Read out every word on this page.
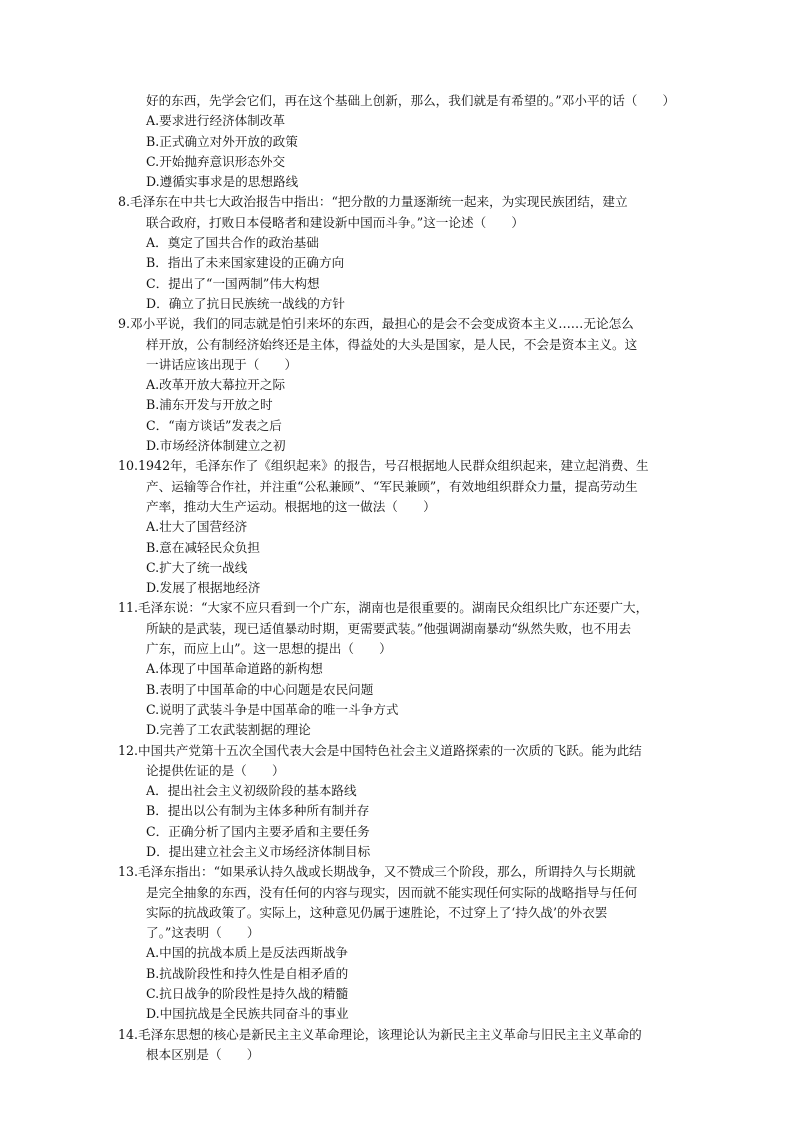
好的东西，先学会它们，再在这个基础上创新，那么，我们就是有希望的。”邓小平的话（　　）
A.要求进行经济体制改革
B.正式确立对外开放的政策
C.开始抛弃意识形态外交
D.遵循实事求是的思想路线
8.毛泽东在中共七大政治报告中指出：“把分散的力量逐渐统一起来，为实现民族团结，建立
联合政府，打败日本侵略者和建设新中国而斗争。”这一论述（　　）
A．奠定了国共合作的政治基础
B．指出了未来国家建设的正确方向
C．提出了“一国两制”伟大构想
D．确立了抗日民族统一战线的方针
9.邓小平说，我们的同志就是怕引来坏的东西，最担心的是会不会变成资本主义……无论怎么
样开放，公有制经济始终还是主体，得益处的大头是国家，是人民，不会是资本主义。这
一讲话应该出现于（　　）
A.改革开放大幕拉开之际
B.浦东开发与开放之时
C．“南方谈话”发表之后
D.市场经济体制建立之初
10.1942年，毛泽东作了《组织起来》的报告，号召根据地人民群众组织起来，建立起消费、生
产、运输等合作社，并注重“公私兼顾”、“军民兼顾”，有效地组织群众力量，提高劳动生
产率，推动大生产运动。根据地的这一做法（　　）
A.壮大了国营经济
B.意在减轻民众负担
C.扩大了统一战线
D.发展了根据地经济
11.毛泽东说：“大家不应只看到一个广东，湖南也是很重要的。湖南民众组织比广东还要广大，
所缺的是武装，现已适值暴动时期，更需要武装。”他强调湖南暴动“纵然失败，也不用去
广东，而应上山”。这一思想的提出（　　）
A.体现了中国革命道路的新构想
B.表明了中国革命的中心问题是农民问题
C.说明了武装斗争是中国革命的唯一斗争方式
D.完善了工农武装割据的理论
12.中国共产党第十五次全国代表大会是中国特色社会主义道路探索的一次质的飞跃。能为此结
论提供佐证的是（　　）
A．提出社会主义初级阶段的基本路线
B．提出以公有制为主体多种所有制并存
C．正确分析了国内主要矛盾和主要任务
D．提出建立社会主义市场经济体制目标
13.毛泽东指出：“如果承认持久战或长期战争，又不赞成三个阶段，那么，所谓持久与长期就
是完全抽象的东西，没有任何的内容与现实，因而就不能实现任何实际的战略指导与任何
实际的抗战政策了。实际上，这种意见仍属于速胜论，不过穿上了‘持久战’的外衣罢
了。”这表明（　　）
A.中国的抗战本质上是反法西斯战争
B.抗战阶段性和持久性是自相矛盾的
C.抗日战争的阶段性是持久战的精髓
D.中国抗战是全民族共同奋斗的事业
14.毛泽东思想的核心是新民主主义革命理论，该理论认为新民主主义革命与旧民主主义革命的
根本区别是（　　）
